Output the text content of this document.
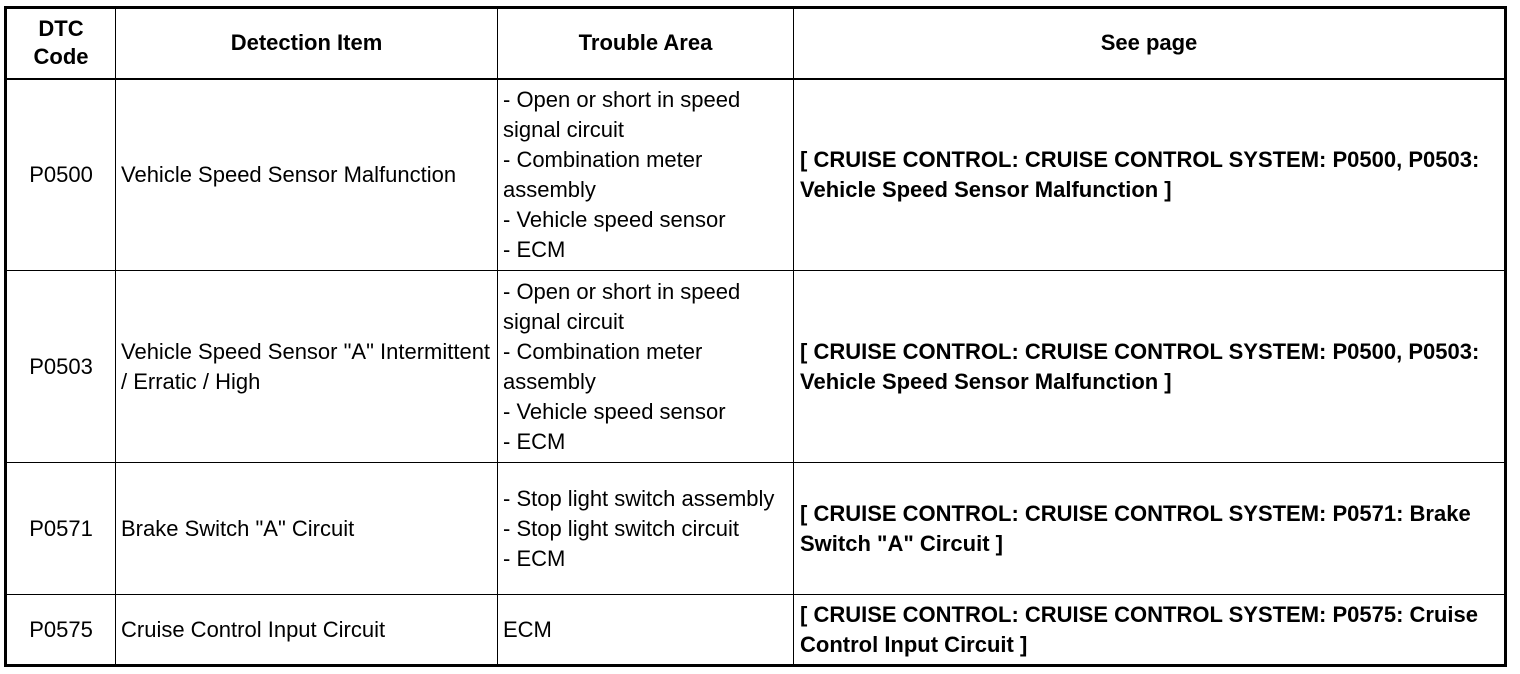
DTC
Code	Detection Item	Trouble Area	See page
P0500	Vehicle Speed Sensor Malfunction	- Open or short in speed signal circuit
- Combination meter assembly
- Vehicle speed sensor
- ECM	[ CRUISE CONTROL: CRUISE CONTROL SYSTEM: P0500, P0503: Vehicle Speed Sensor Malfunction ]
P0503	Vehicle Speed Sensor "A" Intermittent / Erratic / High	- Open or short in speed signal circuit
- Combination meter assembly
- Vehicle speed sensor
- ECM	[ CRUISE CONTROL: CRUISE CONTROL SYSTEM: P0500, P0503: Vehicle Speed Sensor Malfunction ]
P0571	Brake Switch "A" Circuit	- Stop light switch assembly
- Stop light switch circuit
- ECM	[ CRUISE CONTROL: CRUISE CONTROL SYSTEM: P0571: Brake Switch "A" Circuit ]
P0575	Cruise Control Input Circuit	ECM	[ CRUISE CONTROL: CRUISE CONTROL SYSTEM: P0575: Cruise Control Input Circuit ]
